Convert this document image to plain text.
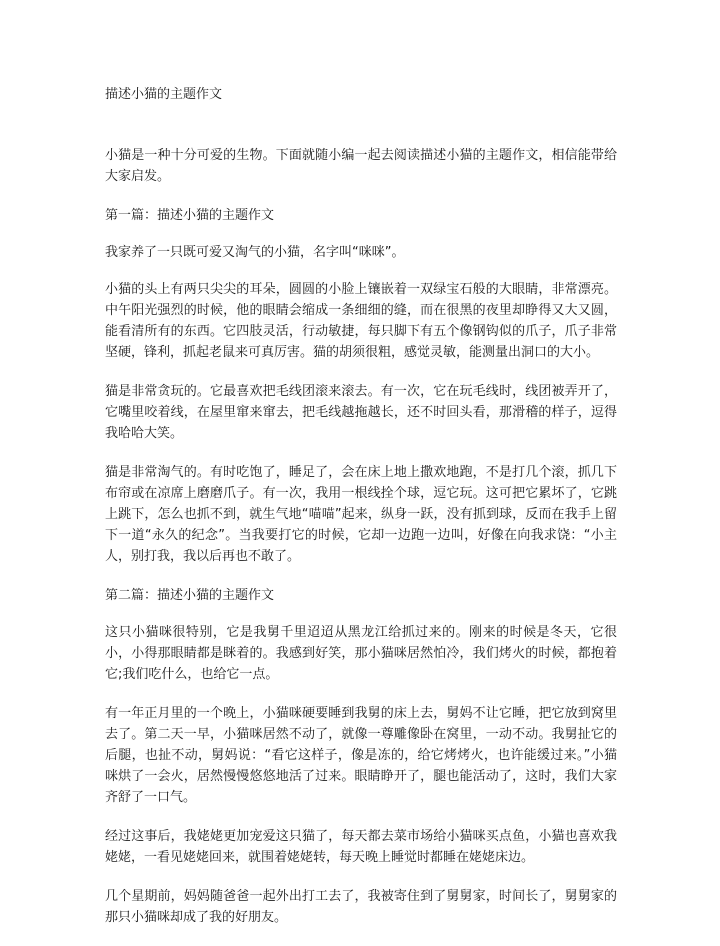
描述小猫的主题作文

小猫是一种十分可爱的生物。下面就随小编一起去阅读描述小猫的主题作文，相信能带给大家启发。

第一篇：描述小猫的主题作文

我家养了一只既可爱又淘气的小猫，名字叫“咪咪”。

小猫的头上有两只尖尖的耳朵，圆圆的小脸上镶嵌着一双绿宝石般的大眼睛，非常漂亮。中午阳光强烈的时候，他的眼睛会缩成一条细细的缝，而在很黑的夜里却睁得又大又圆，能看清所有的东西。它四肢灵活，行动敏捷，每只脚下有五个像钢钩似的爪子，爪子非常坚硬，锋利，抓起老鼠来可真厉害。猫的胡须很粗，感觉灵敏，能测量出洞口的大小。

猫是非常贪玩的。它最喜欢把毛线团滚来滚去。有一次，它在玩毛线时，线团被弄开了，它嘴里咬着线，在屋里窜来窜去，把毛线越拖越长，还不时回头看，那滑稽的样子，逗得我哈哈大笑。

猫是非常淘气的。有时吃饱了，睡足了，会在床上地上撒欢地跑，不是打几个滚，抓几下布帘或在凉席上磨磨爪子。有一次，我用一根线拴个球，逗它玩。这可把它累坏了，它跳上跳下，怎么也抓不到，就生气地“喵喵”起来，纵身一跃，没有抓到球，反而在我手上留下一道“永久的纪念”。当我要打它的时候，它却一边跑一边叫，好像在向我求饶：“小主人，别打我，我以后再也不敢了。

第二篇：描述小猫的主题作文

这只小猫咪很特别，它是我舅千里迢迢从黑龙江给抓过来的。刚来的时候是冬天，它很小，小得那眼睛都是眯着的。我感到好笑，那小猫咪居然怕冷，我们烤火的时候，都抱着它;我们吃什么，也给它一点。

有一年正月里的一个晚上，小猫咪硬要睡到我舅的床上去，舅妈不让它睡，把它放到窝里去了。第二天一早，小猫咪居然不动了，就像一尊雕像卧在窝里，一动不动。我舅扯它的后腿，也扯不动，舅妈说：“看它这样子，像是冻的，给它烤烤火，也许能缓过来。”小猫咪烘了一会火，居然慢慢悠悠地活了过来。眼睛睁开了，腿也能活动了，这时，我们大家齐舒了一口气。

经过这事后，我姥姥更加宠爱这只猫了，每天都去菜市场给小猫咪买点鱼，小猫也喜欢我姥姥，一看见姥姥回来，就围着姥姥转，每天晚上睡觉时都睡在姥姥床边。

几个星期前，妈妈随爸爸一起外出打工去了，我被寄住到了舅舅家，时间长了，舅舅家的那只小猫咪却成了我的好朋友。
